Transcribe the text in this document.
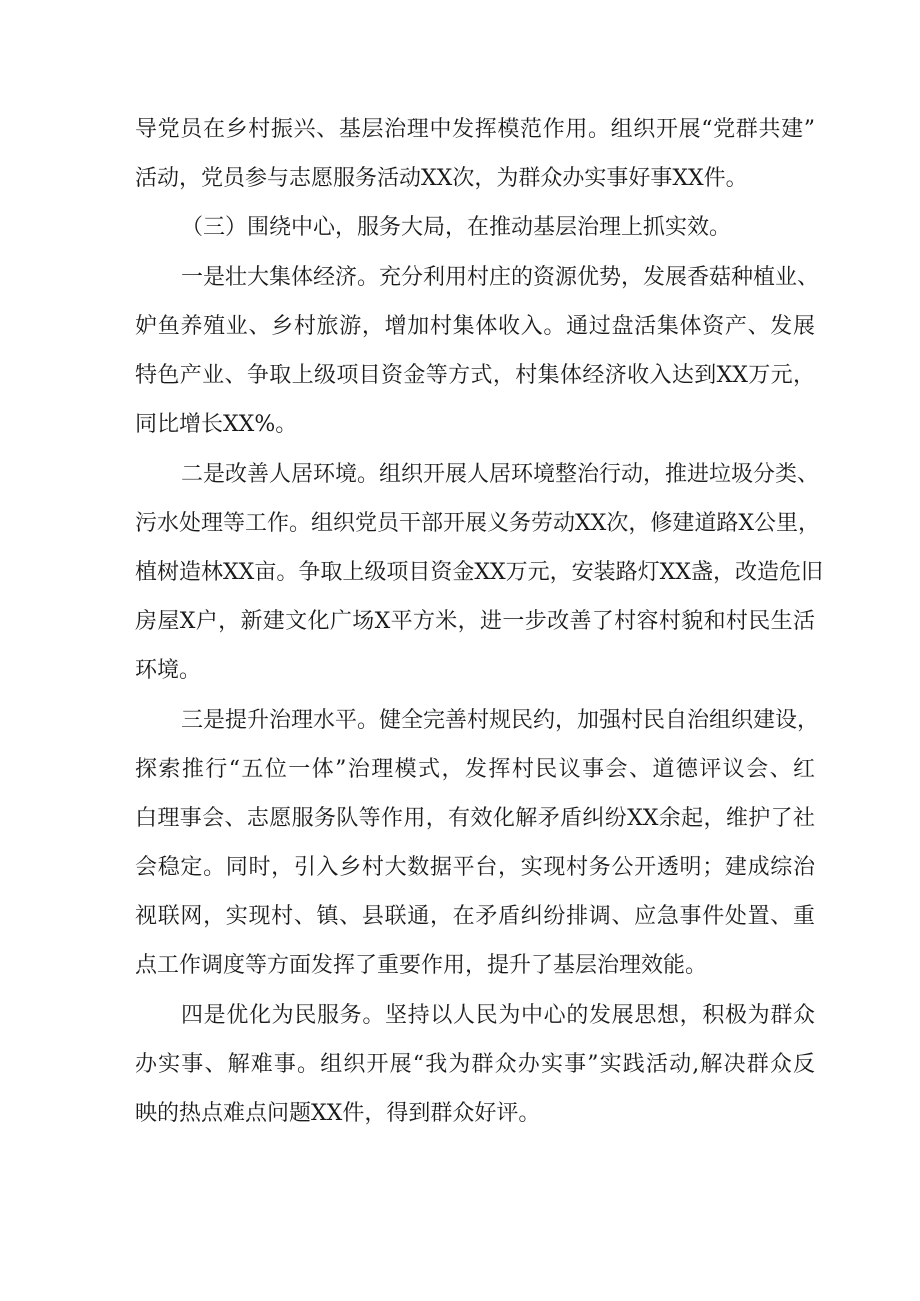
导党员在乡村振兴、基层治理中发挥模范作用。组织开展“党群共建”
活动，党员参与志愿服务活动XX次，为群众办实事好事XX件。
（三）围绕中心，服务大局，在推动基层治理上抓实效。
一是壮大集体经济。充分利用村庄的资源优势，发展香菇种植业、
妒鱼养殖业、乡村旅游，增加村集体收入。通过盘活集体资产、发展
特色产业、争取上级项目资金等方式，村集体经济收入达到XX万元，
同比增长XX%。
二是改善人居环境。组织开展人居环境整治行动，推进垃圾分类、
污水处理等工作。组织党员干部开展义务劳动XX次，修建道路X公里，
植树造林XX亩。争取上级项目资金XX万元，安装路灯XX盏，改造危旧
房屋X户，新建文化广场X平方米，进一步改善了村容村貌和村民生活
环境。
三是提升治理水平。健全完善村规民约，加强村民自治组织建设，
探索推行“五位一体”治理模式，发挥村民议事会、道德评议会、红
白理事会、志愿服务队等作用，有效化解矛盾纠纷XX余起，维护了社
会稳定。同时，引入乡村大数据平台，实现村务公开透明；建成综治
视联网，实现村、镇、县联通，在矛盾纠纷排调、应急事件处置、重
点工作调度等方面发挥了重要作用，提升了基层治理效能。
四是优化为民服务。坚持以人民为中心的发展思想，积极为群众
办实事、解难事。组织开展“我为群众办实事”实践活动,解决群众反
映的热点难点问题XX件，得到群众好评。
